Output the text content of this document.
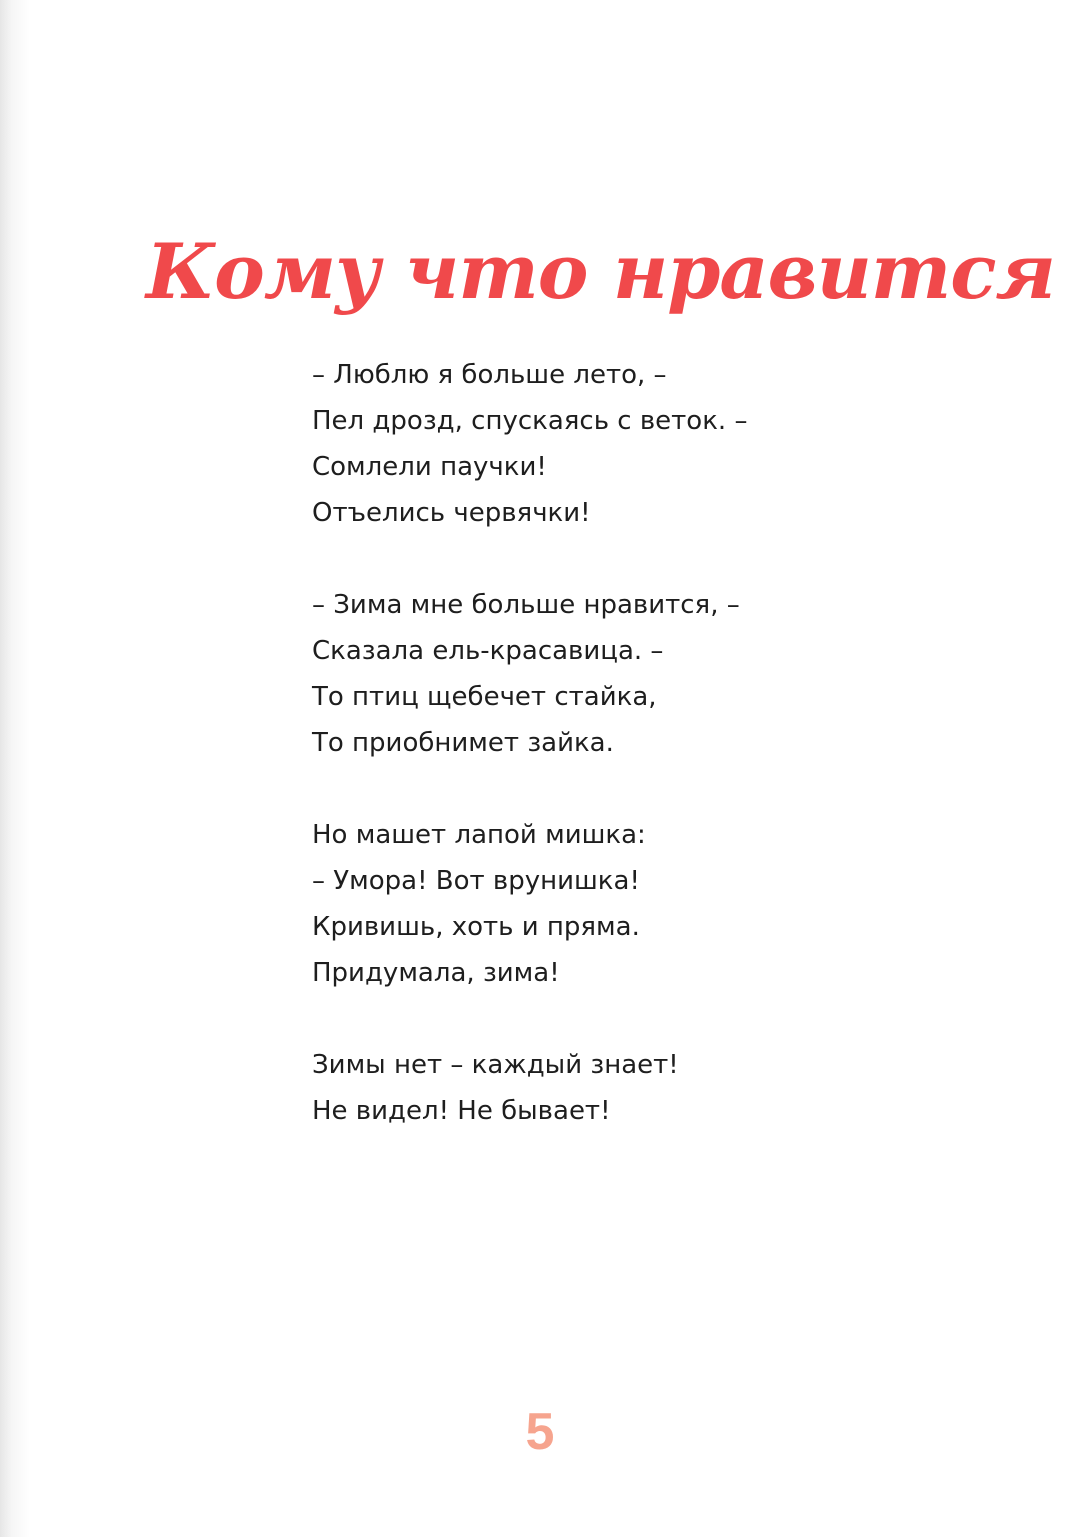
Кому что нравится
– Люблю я больше лето, –
Пел дрозд, спускаясь с веток. –
Сомлели паучки!
Отъелись червячки!
– Зима мне больше нравится, –
Сказала ель-красавица. –
То птиц щебечет стайка,
То приобнимет зайка.
Но машет лапой мишка:
– Умора! Вот врунишка!
Кривишь, хоть и пряма.
Придумала, зима!
Зимы нет – каждый знает!
Не видел! Не бывает!
5
